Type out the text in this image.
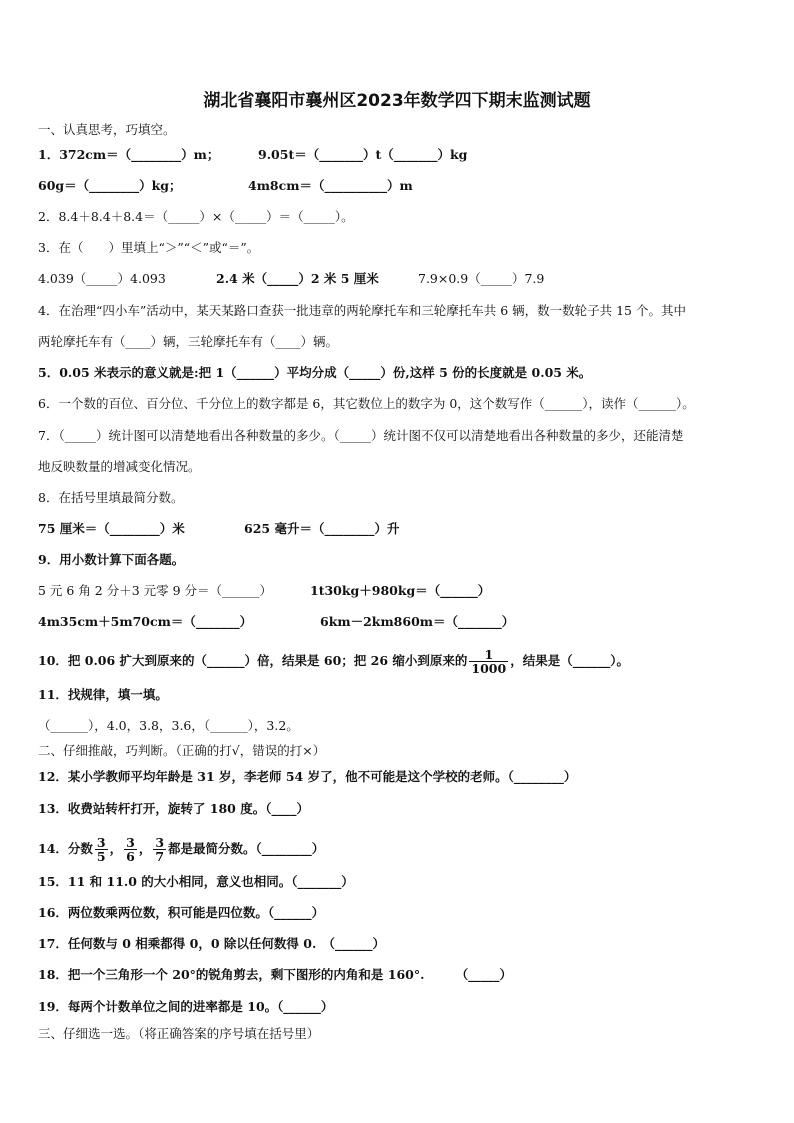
湖北省襄阳市襄州区2023年数学四下期末监测试题
一、认真思考，巧填空。
1．372cm＝（________）m；	9.05t＝（_______）t（_______）kg
60g＝（________）kg；	4m8cm＝（__________）m
2．8.4＋8.4＋8.4＝（_____）×（_____）＝（_____）。
3．在（　　）里填上“＞”“＜”或“＝”。
4.039（_____）4.093	2.4 米（_____）2 米 5 厘米	7.9×0.9（_____）7.9
4．在治理“四小车”活动中，某天某路口查获一批违章的两轮摩托车和三轮摩托车共 6 辆，数一数轮子共 15 个。其中
两轮摩托车有（____）辆，三轮摩托车有（____）辆。
5．0.05 米表示的意义就是:把 1（______）平均分成（_____）份,这样 5 份的长度就是 0.05 米。
6．一个数的百位、百分位、千分位上的数字都是 6，其它数位上的数字为 0，这个数写作（______），读作（______）。
7．（_____）统计图可以清楚地看出各种数量的多少。（_____）统计图不仅可以清楚地看出各种数量的多少，还能清楚
地反映数量的增减变化情况。
8．在括号里填最简分数。
75 厘米＝（________）米	625 毫升＝（________）升
9．用小数计算下面各题。
5 元 6 角 2 分＋3 元零 9 分＝（______）	1t30kg＋980kg＝（______）
4m35cm＋5m70cm＝（_______）	6km－2km860m＝（_______）
10．把 0.06 扩大到原来的（______）倍，结果是 60；把 26 缩小到原来的 $\frac{1}{1000}$ ，结果是（______）。
11．找规律，填一填。
（______），4.0，3.8，3.6，（______），3.2。
二、仔细推敲，巧判断。（正确的打√，错误的打×）
12．某小学教师平均年龄是 31 岁，李老师 54 岁了，他不可能是这个学校的老师。（________）
13．收费站转杆打开，旋转了 180 度。（____）
14．分数 $\frac{3}{5}$ ， $\frac{3}{6}$ ， $\frac{3}{7}$ 都是最简分数。（________）
15．11 和 11.0 的大小相同，意义也相同。（_______）
16．两位数乘两位数，积可能是四位数。（______）
17．任何数与 0 相乘都得 0，0 除以任何数得 0.　（______）
18．把一个三角形一个 20°的锐角剪去，剩下图形的内角和是 160°.　　　（_____）
19．每两个计数单位之间的进率都是 10。（______）
三、仔细选一选。（将正确答案的序号填在括号里）
